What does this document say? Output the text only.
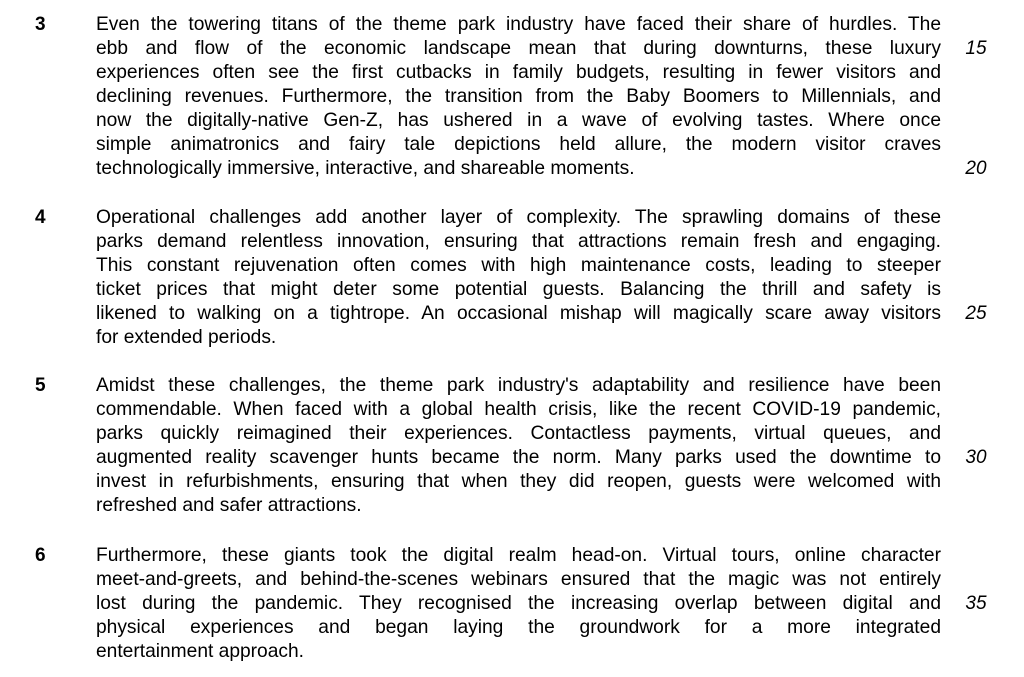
3	Even the towering titans of the theme park industry have faced their share of hurdles. The
ebb and flow of the economic landscape mean that during downturns, these luxury
experiences often see the first cutbacks in family budgets, resulting in fewer visitors and
declining revenues. Furthermore, the transition from the Baby Boomers to Millennials, and
now the digitally-native Gen-Z, has ushered in a wave of evolving tastes. Where once
simple animatronics and fairy tale depictions held allure, the modern visitor craves
technologically immersive, interactive, and shareable moments.
4	Operational challenges add another layer of complexity. The sprawling domains of these
parks demand relentless innovation, ensuring that attractions remain fresh and engaging.
This constant rejuvenation often comes with high maintenance costs, leading to steeper
ticket prices that might deter some potential guests. Balancing the thrill and safety is
likened to walking on a tightrope. An occasional mishap will magically scare away visitors
for extended periods.
5	Amidst these challenges, the theme park industry's adaptability and resilience have been
commendable. When faced with a global health crisis, like the recent COVID-19 pandemic,
parks quickly reimagined their experiences. Contactless payments, virtual queues, and
augmented reality scavenger hunts became the norm. Many parks used the downtime to
invest in refurbishments, ensuring that when they did reopen, guests were welcomed with
refreshed and safer attractions.
6	Furthermore, these giants took the digital realm head-on. Virtual tours, online character
meet-and-greets, and behind-the-scenes webinars ensured that the magic was not entirely
lost during the pandemic. They recognised the increasing overlap between digital and
physical experiences and began laying the groundwork for a more integrated
entertainment approach.
15
20
25
30
35
